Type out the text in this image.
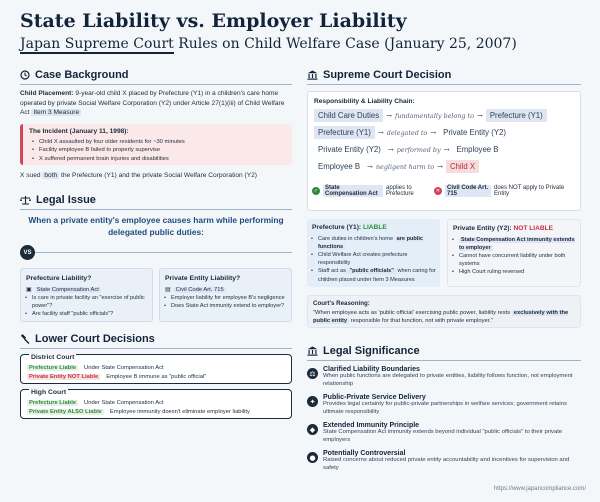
State Liability vs. Employer Liability
Japan Supreme Court Rules on Child Welfare Case (January 25, 2007)
Case Background
Child Placement: 9-year-old child X placed by Prefecture (Y1) in a children's care home operated by private Social Welfare Corporation (Y2) under Article 27(1)(iii) of Child Welfare Act Item 3 Measure
The Incident (January 11, 1998):
• Child X assaulted by four older residents for ~30 minutes
• Facility employee B failed to properly supervise
• X suffered permanent brain injuries and disabilities
X sued both the Prefecture (Y1) and the private Social Welfare Corporation (Y2)
Legal Issue
When a private entity's employee causes harm while performing delegated public duties:
VS
Prefecture Liability?
▣ State Compensation Act
• Is care in private facility an "exercise of public power"?
• Are facility staff "public officials"?
Private Entity Liability?
▤ Civil Code Art. 715
• Employer liability for employee B's negligence
• Does State Act immunity extend to employer?
Lower Court Decisions
District Court
Prefecture Liable	Under State Compensation Act
Private Entity NOT Liable	Employee B immune as "public official"
High Court
Prefecture Liable	Under State Compensation Act
Private Entity ALSO Liable	Employee immunity doesn't eliminate employer liability
Supreme Court Decision
Responsibility & Liability Chain:
Child Care Duties	→ fundamentally belong to → Prefecture (Y1)
Prefecture (Y1)	→ delegated to → Private Entity (Y2)
Private Entity (Y2)	→ performed by → Employee B
Employee B	→ negligent harm to → Child X
✓	State Compensation Act
applies to Prefecture	✕	Civil Code Art. 715
does NOT apply to Private Entity
Prefecture (Y1): LIABLE
• Care duties in children's home are public functions
• Child Welfare Act creates prefecture responsibility
• Staff act as "public officials" when caring for children placed under Item 3 Measures
Private Entity (Y2): NOT LIABLE
• State Compensation Act immunity extends to employer
• Cannot have concurrent liability under both systems
• High Court ruling reversed
Court's Reasoning:
"When employee acts as 'public official' exercising public power, liability rests exclusively with the public entity responsible for that function, not with private employer."
Legal Significance
⚖	Clarified Liability Boundaries
When public functions are delegated to private entities, liability follows function, not employment relationship
✦	Public-Private Service Delivery
Provides legal certainty for public-private partnerships in welfare services; government retains ultimate responsibility
◆	Extended Immunity Principle
State Compensation Act immunity extends beyond individual "public officials" to their private employers
●	Potentially Controversial
Raised concerns about reduced private entity accountability and incentives for supervision and safety
https://www.japancompliance.com/
